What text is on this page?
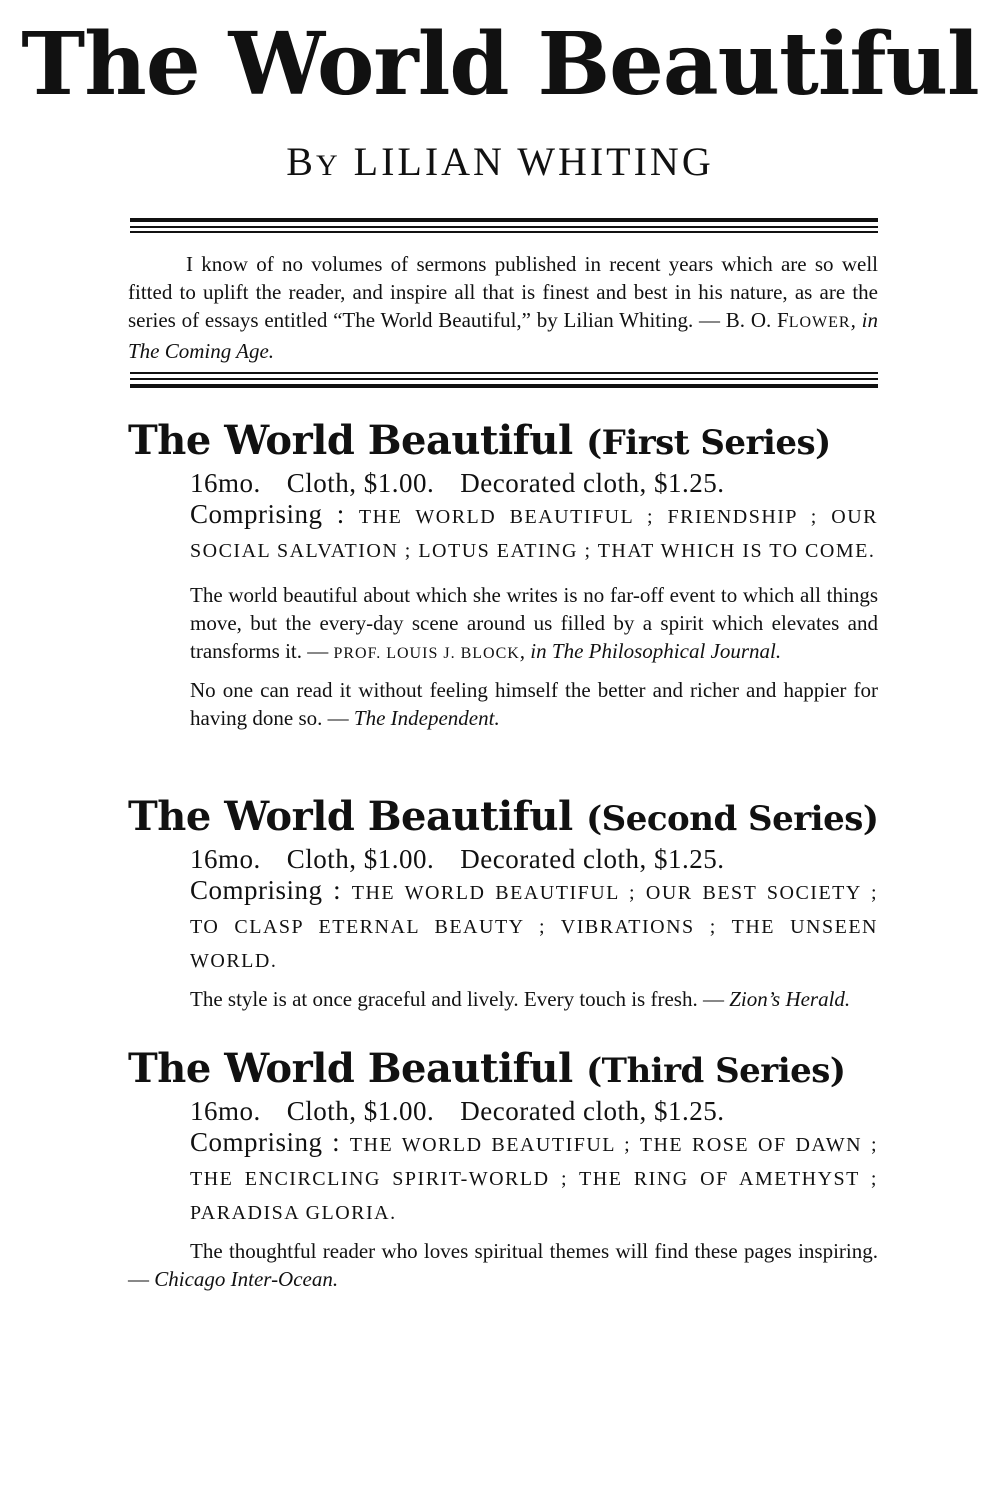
The World Beautiful
BY LILIAN WHITING
I know of no volumes of sermons published in recent years which are so well fitted to uplift the reader, and inspire all that is finest and best in his nature, as are the series of essays entitled “The World Beautiful,” by Lilian Whiting. — B. O. FLOWER, in The Coming Age.
The World Beautiful (First Series)
16mo. Cloth, $1.00. Decorated cloth, $1.25.
Comprising : THE WORLD BEAUTIFUL ; FRIENDSHIP ; OUR SOCIAL SALVATION ; LOTUS EATING ; THAT WHICH IS TO COME.
The world beautiful about which she writes is no far-off event to which all things move, but the every-day scene around us filled by a spirit which elevates and transforms it. — PROF. LOUIS J. BLOCK, in The Philosophical Journal.
No one can read it without feeling himself the better and richer and happier for having done so. — The Independent.
The World Beautiful (Second Series)
16mo. Cloth, $1.00. Decorated cloth, $1.25.
Comprising : THE WORLD BEAUTIFUL ; OUR BEST SOCIETY ; TO CLASP ETERNAL BEAUTY ; VIBRATIONS ; THE UNSEEN WORLD.
The style is at once graceful and lively. Every touch is fresh. — Zion’s Herald.
The World Beautiful (Third Series)
16mo. Cloth, $1.00. Decorated cloth, $1.25.
Comprising : THE WORLD BEAUTIFUL ; THE ROSE OF DAWN ; THE ENCIRCLING SPIRIT-WORLD ; THE RING OF AMETHYST ; PARADISA GLORIA.
The thoughtful reader who loves spiritual themes will find these pages inspiring. — Chicago Inter-Ocean.
